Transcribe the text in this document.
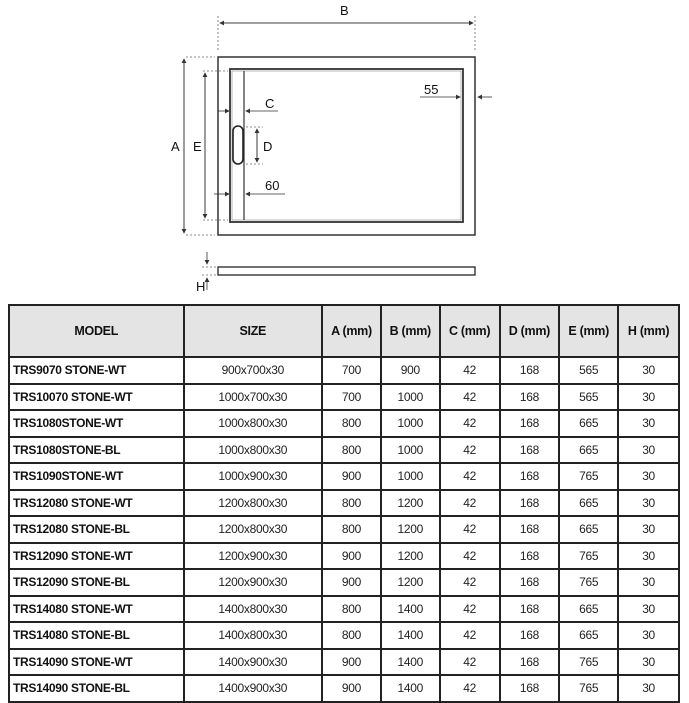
B
A E
C
D
H
55
60
MODEL	SIZE	A (mm)	B (mm)	C (mm)	D (mm)	E (mm)	H (mm)
TRS9070 STONE-WT	900x700x30	700	900	42	168	565	30
TRS10070 STONE-WT	1000x700x30	700	1000	42	168	565	30
TRS1080STONE-WT	1000x800x30	800	1000	42	168	665	30
TRS1080STONE-BL	1000x800x30	800	1000	42	168	665	30
TRS1090STONE-WT	1000x900x30	900	1000	42	168	765	30
TRS12080 STONE-WT	1200x800x30	800	1200	42	168	665	30
TRS12080 STONE-BL	1200x800x30	800	1200	42	168	665	30
TRS12090 STONE-WT	1200x900x30	900	1200	42	168	765	30
TRS12090 STONE-BL	1200x900x30	900	1200	42	168	765	30
TRS14080 STONE-WT	1400x800x30	800	1400	42	168	665	30
TRS14080 STONE-BL	1400x800x30	800	1400	42	168	665	30
TRS14090 STONE-WT	1400x900x30	900	1400	42	168	765	30
TRS14090 STONE-BL	1400x900x30	900	1400	42	168	765	30
